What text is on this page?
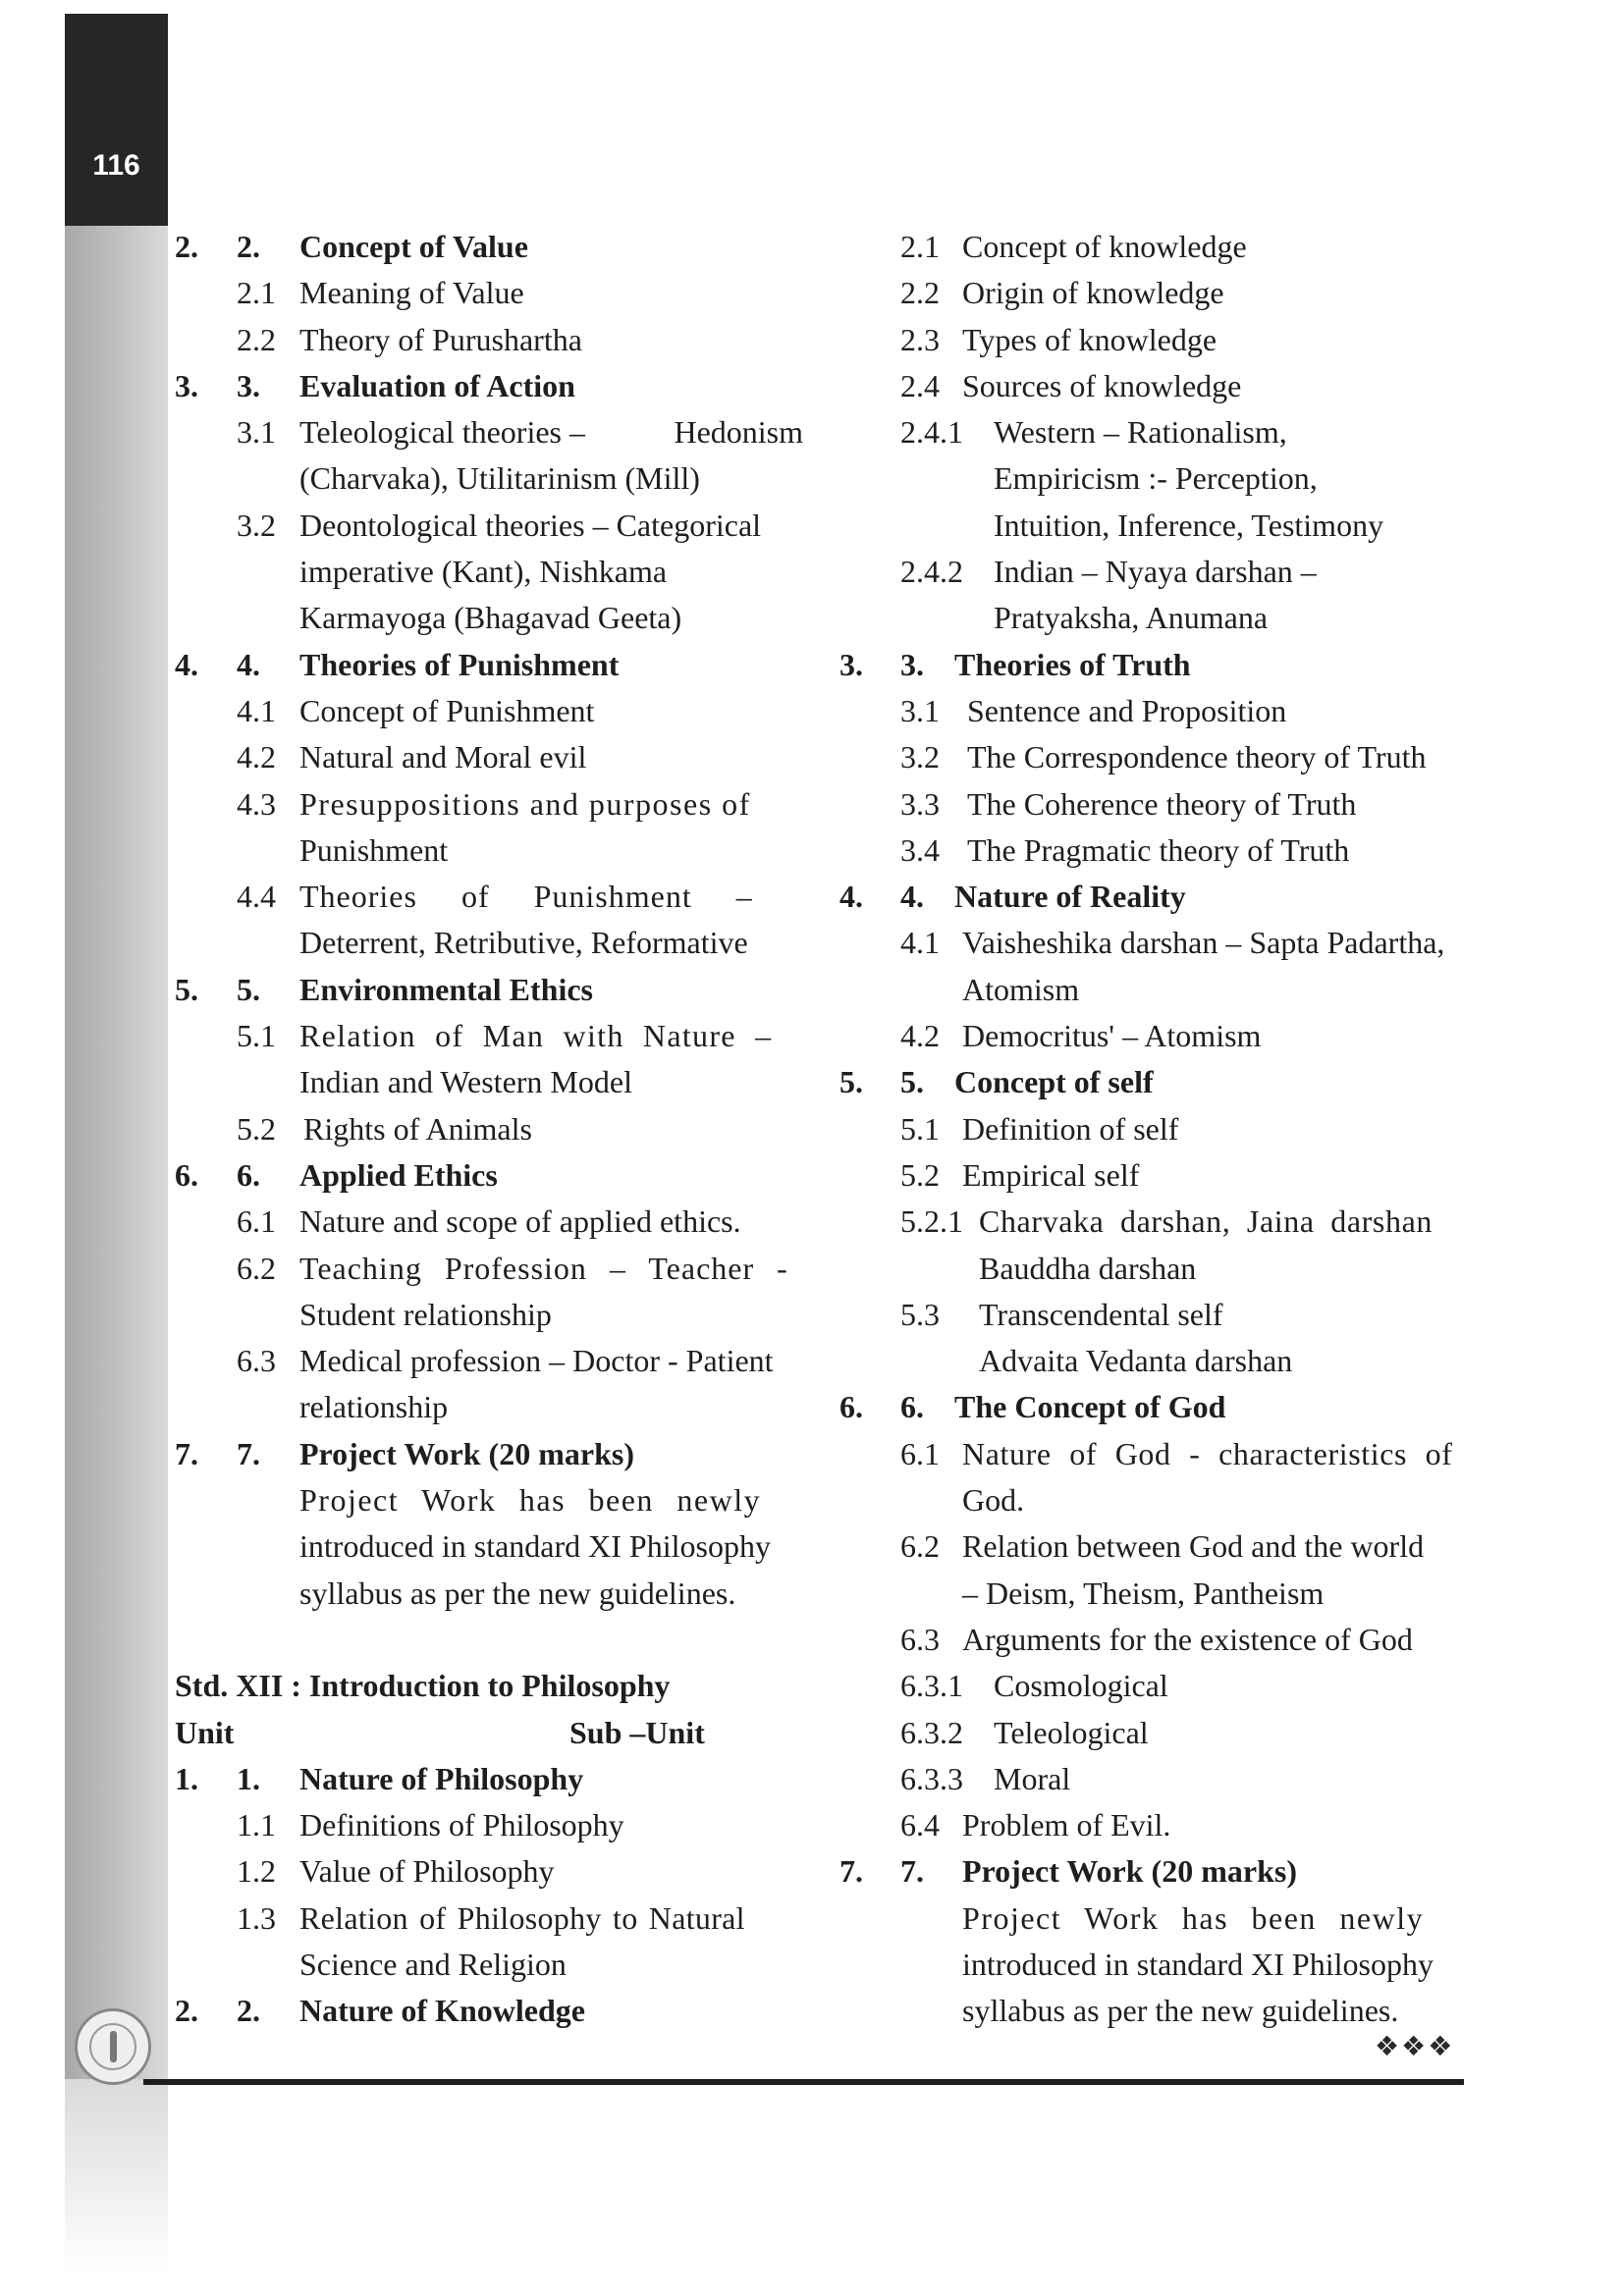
116
2. 2. Concept of Value
2.1 Meaning of Value
2.2 Theory of Purushartha
3. 3. Evaluation of Action
3.1 Teleological theories –	Hedonism
(Charvaka), Utilitarinism (Mill)
3.2 Deontological theories – Categorical
imperative (Kant), Nishkama
Karmayoga (Bhagavad Geeta)
4. 4. Theories of Punishment
4.1 Concept of Punishment
4.2 Natural and Moral evil
4.3 Presuppositions and purposes of
Punishment
4.4 Theories of Punishment –
Deterrent, Retributive, Reformative
5. 5. Environmental Ethics
5.1 Relation of Man with Nature –
Indian and Western Model
5.2 Rights of Animals
6. 6. Applied Ethics
6.1 Nature and scope of applied ethics.
6.2 Teaching Profession – Teacher -
Student relationship
6.3 Medical profession – Doctor - Patient
relationship
7. 7. Project Work (20 marks)
Project Work has been newly
introduced in standard XI Philosophy
syllabus as per the new guidelines.
Std. XII : Introduction to Philosophy
Unit	Sub –Unit
1. 1. Nature of Philosophy
1.1 Definitions of Philosophy
1.2 Value of Philosophy
1.3 Relation of Philosophy to Natural
Science and Religion
2. 2. Nature of Knowledge
2.1 Concept of knowledge
2.2 Origin of knowledge
2.3 Types of knowledge
2.4 Sources of knowledge
2.4.1 Western – Rationalism,
Empiricism :- Perception,
Intuition, Inference, Testimony
2.4.2 Indian – Nyaya darshan –
Pratyaksha, Anumana
3. 3. Theories of Truth
3.1 Sentence and Proposition
3.2 The Correspondence theory of Truth
3.3 The Coherence theory of Truth
3.4 The Pragmatic theory of Truth
4. 4. Nature of Reality
4.1 Vaisheshika darshan – Sapta Padartha,
Atomism
4.2 Democritus' – Atomism
5. 5. Concept of self
5.1 Definition of self
5.2 Empirical self
5.2.1 Charvaka darshan, Jaina darshan
Bauddha darshan
5.3 Transcendental self
Advaita Vedanta darshan
6. 6. The Concept of God
6.1 Nature of God - characteristics of
God.
6.2 Relation between God and the world
– Deism, Theism, Pantheism
6.3 Arguments for the existence of God
6.3.1 Cosmological
6.3.2 Teleological
6.3.3 Moral
6.4 Problem of Evil.
7. 7. Project Work (20 marks)
Project Work has been newly
introduced in standard XI Philosophy
syllabus as per the new guidelines.
❖❖❖
